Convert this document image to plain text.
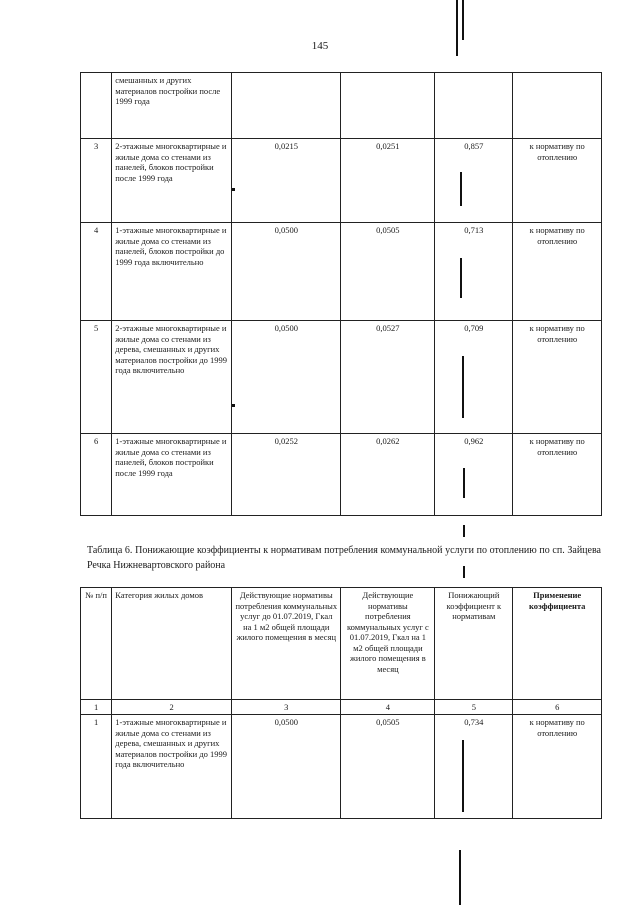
145
	смешанных и других материалов постройки после 1999 года				
3	2-этажные многоквартирные и жилые дома со стенами из панелей, блоков постройки после 1999 года	0,0215	0,0251	0,857	к нормативу по отоплению
4	1-этажные многоквартирные и жилые дома со стенами из панелей, блоков постройки до 1999 года включительно	0,0500	0,0505	0,713	к нормативу по отоплению
5	2-этажные многоквартирные и жилые дома со стенами из дерева, смешанных и других материалов постройки до 1999 года включительно	0,0500	0,0527	0,709	к нормативу по отоплению
6	1-этажные многоквартирные и жилые дома со стенами из панелей, блоков постройки после 1999 года	0,0252	0,0262	0,962	к нормативу по отоплению
Таблица 6. Понижающие коэффициенты к нормативам потребления коммунальной услуги по отоплению по сп. Зайцева Речка Нижневартовского района
№ п/п	Категория жилых домов	Действующие нормативы потребления коммунальных услуг до 01.07.2019, Гкал на 1 м2 общей площади жилого помещения в месяц	Действующие нормативы потребления коммунальных услуг с 01.07.2019, Гкал на 1 м2 общей площади жилого помещения в месяц	Понижающий коэффициент к нормативам	Применение коэффициента
1	2	3	4	5	6
1	1-этажные многоквартирные и жилые дома со стенами из дерева, смешанных и других материалов постройки до 1999 года включительно	0,0500	0,0505	0,734	к нормативу по отоплению
